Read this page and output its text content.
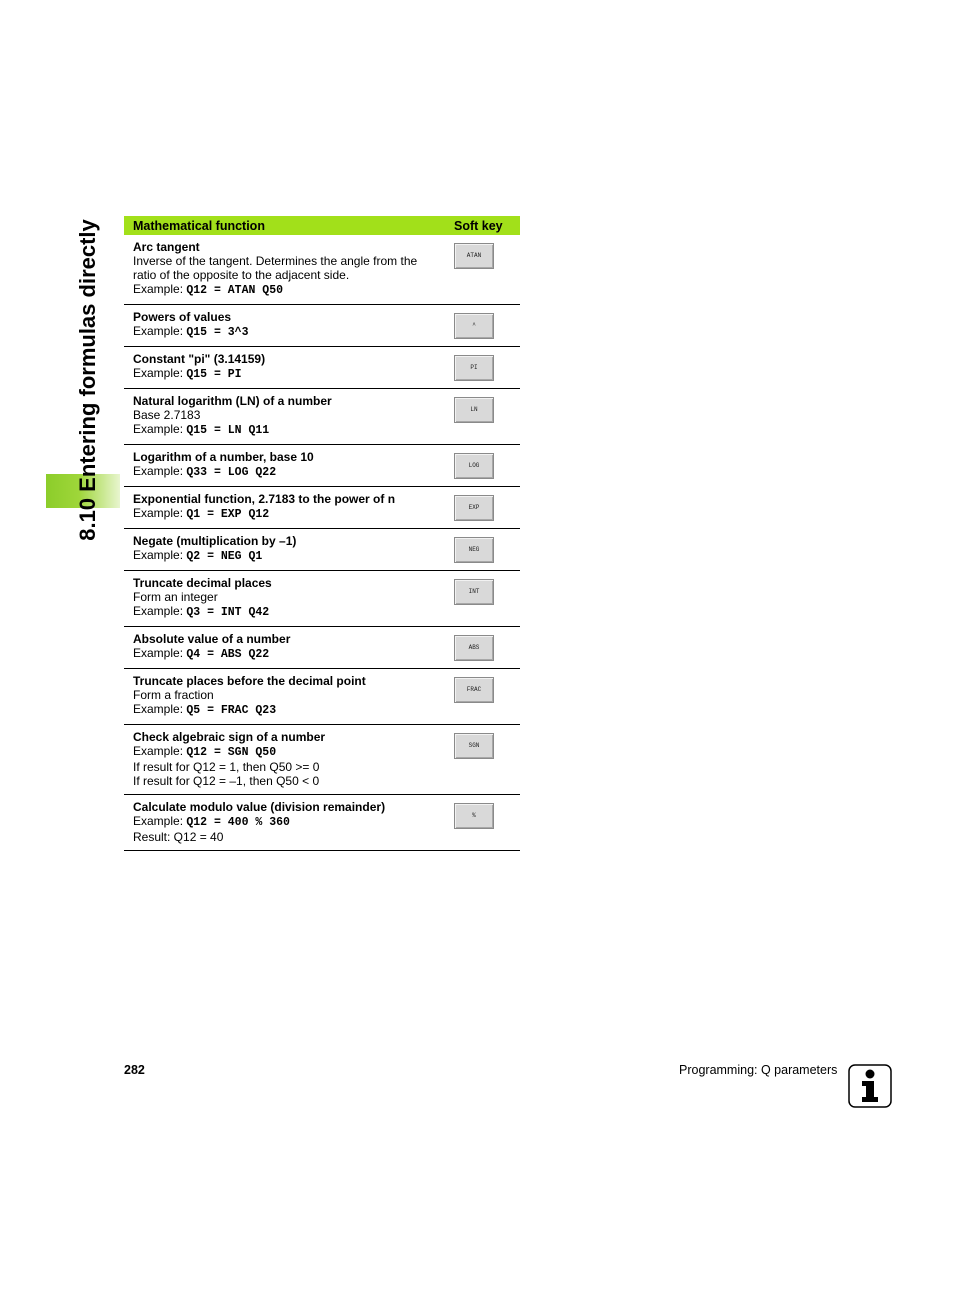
8.10 Entering formulas directly	Mathematical function	Soft key

Arc tangent
Inverse of the tangent. Determines the angle from the
ratio of the opposite to the adjacent side.
Example: Q12 = ATAN Q50	ATAN

Powers of values
Example: Q15 = 3^3	^

Constant "pi" (3.14159)
Example: Q15 = PI	PI

Natural logarithm (LN) of a number
Base 2.7183
Example: Q15 = LN Q11	LN

Logarithm of a number, base 10
Example: Q33 = LOG Q22	LOG

Exponential function, 2.7183 to the power of n
Example: Q1 = EXP Q12	EXP

Negate (multiplication by –1)
Example: Q2 = NEG Q1	NEG

Truncate decimal places
Form an integer
Example: Q3 = INT Q42	INT

Absolute value of a number
Example: Q4 = ABS Q22	ABS

Truncate places before the decimal point
Form a fraction
Example: Q5 = FRAC Q23	FRAC

Check algebraic sign of a number
Example: Q12 = SGN Q50
If result for Q12 = 1, then Q50 >= 0
If result for Q12 = –1, then Q50 < 0	SGN

Calculate modulo value (division remainder)
Example: Q12 = 400 % 360
Result: Q12 = 40	%
282	Programming: Q parameters
